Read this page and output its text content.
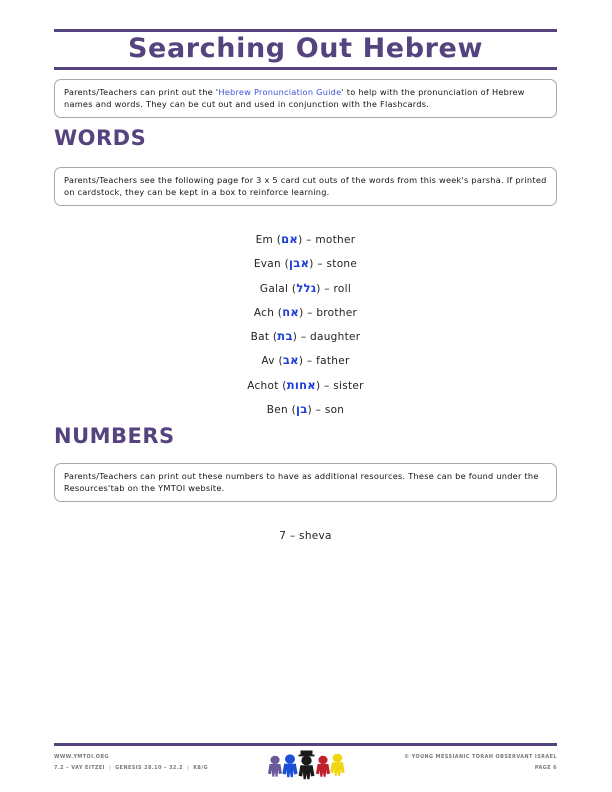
Searching Out Hebrew
Parents/Teachers can print out the 'Hebrew Pronunciation Guide' to help with the pronunciation of Hebrew names and words. They can be cut out and used in conjunction with the Flashcards.
WORDS
Parents/Teachers see the following page for 3 x 5 card cut outs of the words from this week's parsha. If printed on cardstock, they can be kept in a box to reinforce learning.
Em (אם) – mother
Evan (אבן) – stone
Galal (גלל) – roll
Ach (אח) – brother
Bat (בת) – daughter
Av (אב) – father
Achot (אחות) – sister
Ben (בן) – son
NUMBERS
Parents/Teachers can print out these numbers to have as additional resources. These can be found under the Resources'tab on the YMTOI website.
7 – sheva
WWW.YMTOI.ORG
7.2 – VAY EITZEI | GENESIS 28.10 – 32.2 | K8/G
© YOUNG MESSIANIC TORAH OBSERVANT ISRAEL
PAGE 6
